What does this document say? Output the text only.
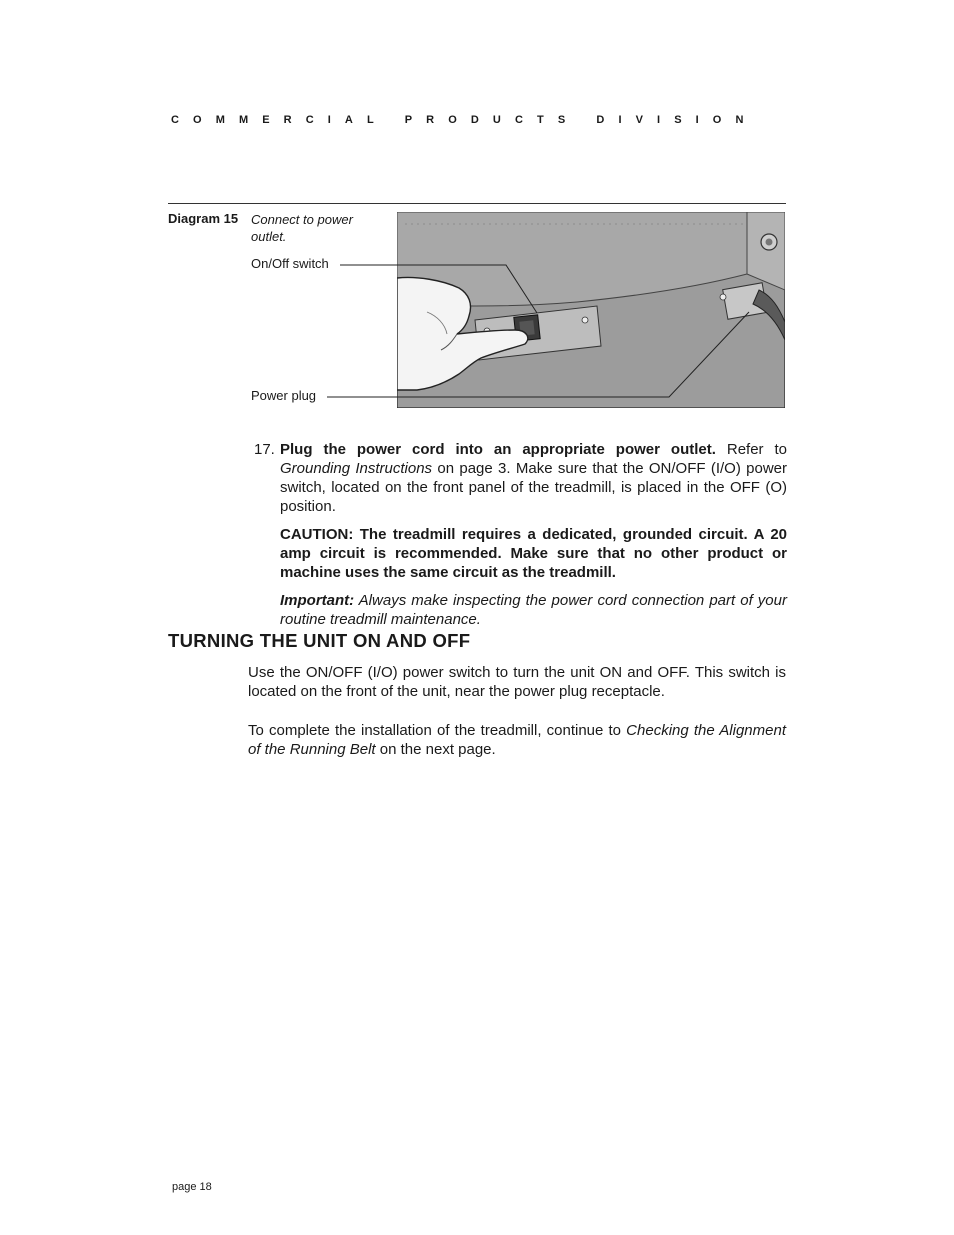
COMMERCIAL PRODUCTS DIVISION
Diagram 15 Connect to power outlet.
On/Off switch
Power plug
17. Plug the power cord into an appropriate power outlet. Refer to Grounding Instructions on page 3. Make sure that the ON/OFF (I/O) power switch, located on the front panel of the treadmill, is placed in the OFF (O) position.

CAUTION: The treadmill requires a dedicated, grounded circuit. A 20 amp circuit is recommended. Make sure that no other product or machine uses the same circuit as the treadmill.

Important: Always make inspecting the power cord connection part of your routine treadmill maintenance.

TURNING THE UNIT ON AND OFF

Use the ON/OFF (I/O) power switch to turn the unit ON and OFF. This switch is located on the front of the unit, near the power plug receptacle.

To complete the installation of the treadmill, continue to Checking the Alignment of the Running Belt on the next page.

page 18
